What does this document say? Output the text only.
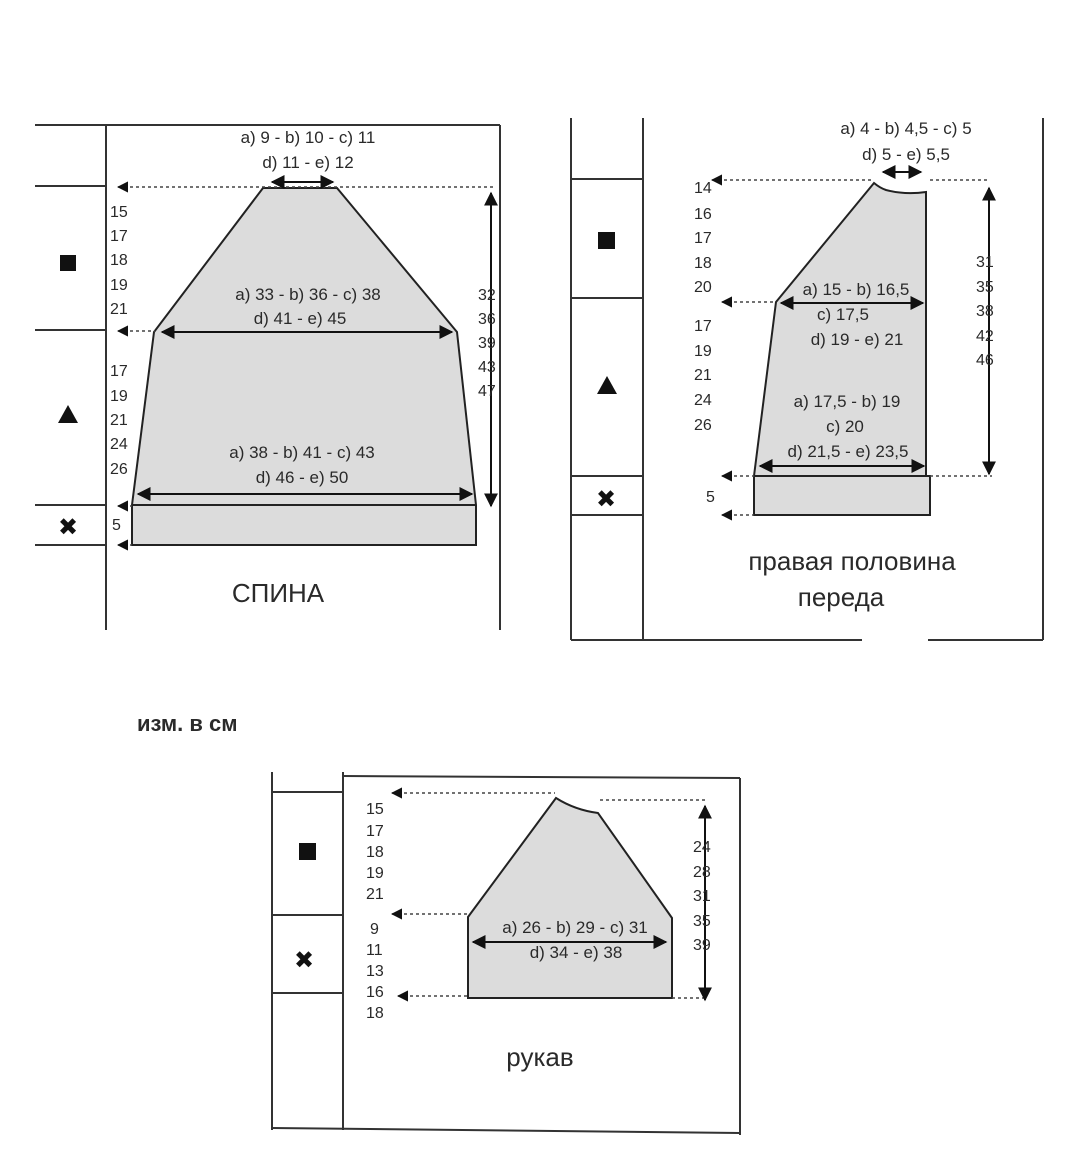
✖
a) 9 - b) 10 - c) 11
d) 11 - e) 12
a) 33 - b) 36 - c) 38
d) 41 - e) 45
a) 38 - b) 41 - c) 43
d) 46 - e) 50
15
17
18
19
21
17
19
21
24
26
5
32
36
39
43
47
СПИНА
✖
a) 4 - b) 4,5 - c) 5
d) 5 - e) 5,5
a) 15 - b) 16,5
c) 17,5
d) 19 - e) 21
a) 17,5 - b) 19
c) 20
d) 21,5 - e) 23,5
14
16
17
18
20
17
19
21
24
26
5
31
35
38
42
46
правая половина
переда
изм. в см
✖
a) 26 - b) 29 - c) 31
d) 34 - e) 38
15
17
18
19
21
9
11
13
16
18
24
28
31
35
39
рукав
